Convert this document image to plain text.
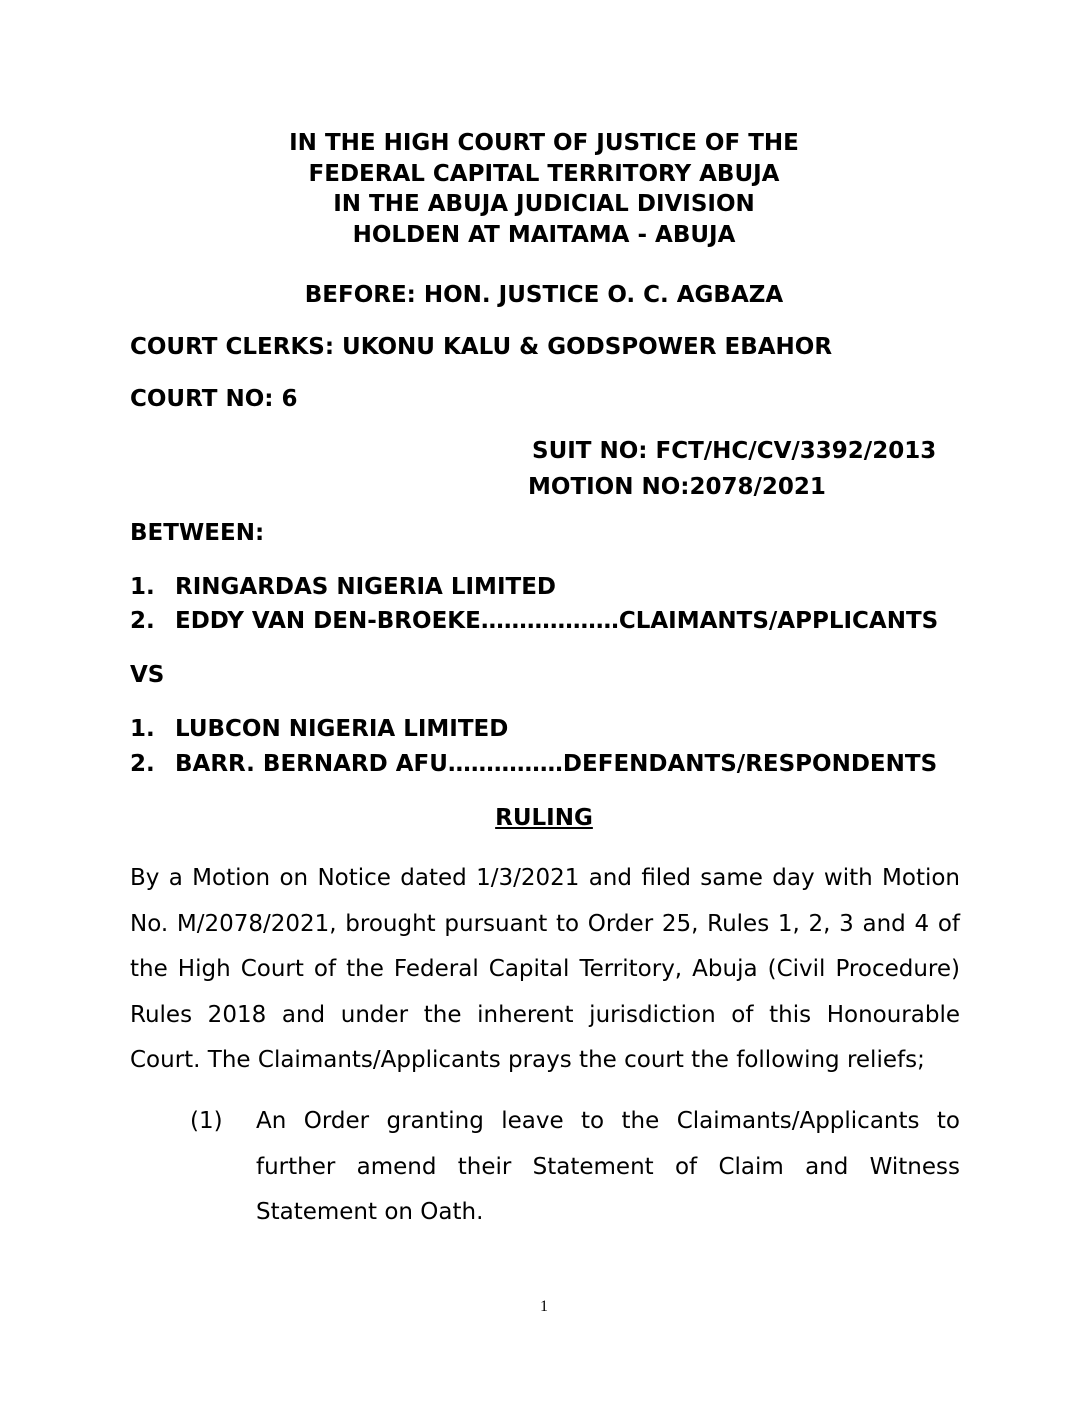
IN THE HIGH COURT OF JUSTICE OF THE
FEDERAL CAPITAL TERRITORY ABUJA
IN THE ABUJA JUDICIAL DIVISION
HOLDEN AT MAITAMA - ABUJA
BEFORE: HON. JUSTICE O. C. AGBAZA
COURT CLERKS: UKONU KALU & GODSPOWER EBAHOR
COURT NO: 6
SUIT NO: FCT/HC/CV/3392/2013
MOTION NO:2078/2021
BETWEEN:
1. RINGARDAS NIGERIA LIMITED
2. EDDY VAN DEN-BROEKE………………CLAIMANTS/APPLICANTS
VS
1. LUBCON NIGERIA LIMITED
2. BARR. BERNARD AFU……………DEFENDANTS/RESPONDENTS
RULING
By a Motion on Notice dated 1/3/2021 and filed same day with Motion No. M/2078/2021, brought pursuant to Order 25, Rules 1, 2, 3 and 4 of the High Court of the Federal Capital Territory, Abuja (Civil Procedure) Rules 2018 and under the inherent jurisdiction of this Honourable Court. The Claimants/Applicants prays the court the following reliefs;
(1) An Order granting leave to the Claimants/Applicants to further amend their Statement of Claim and Witness Statement on Oath.
1
